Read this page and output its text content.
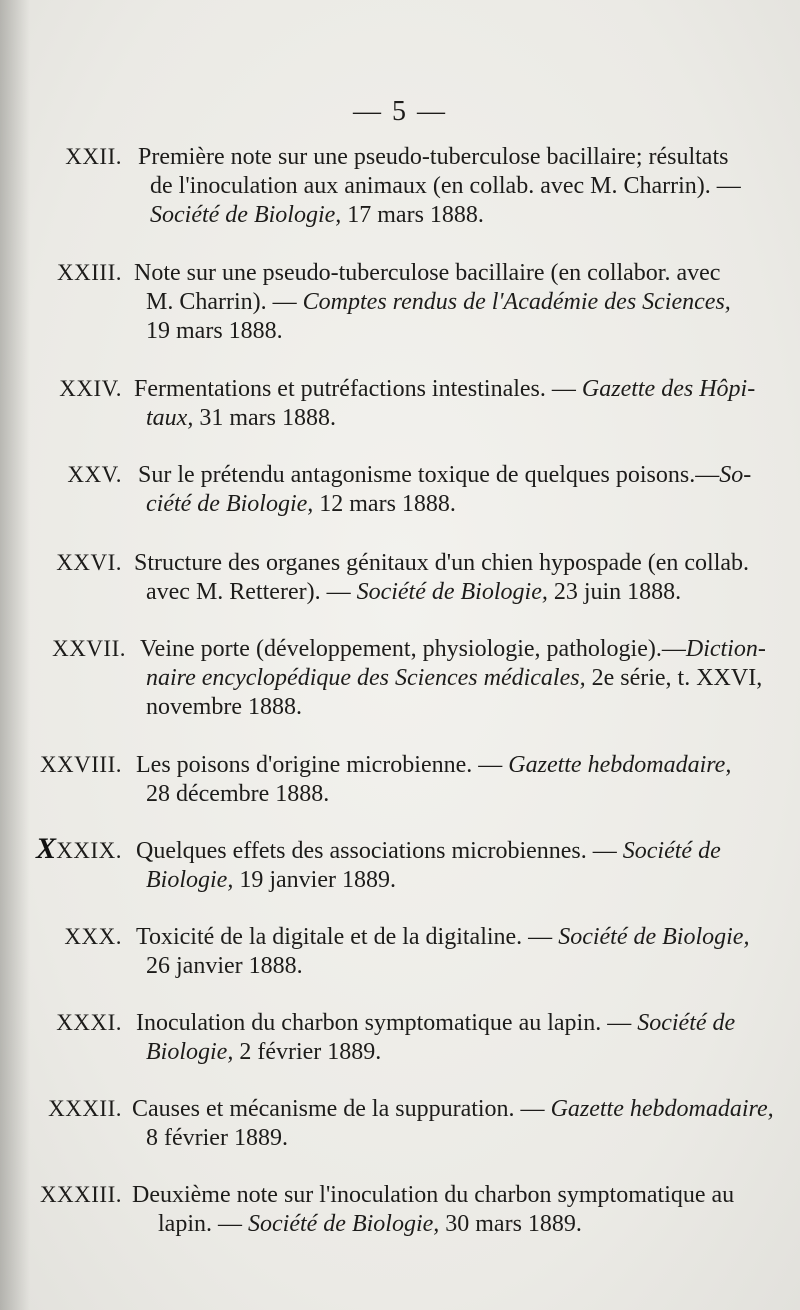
— 5 —
X
XXII. Première note sur une pseudo-tuberculose bacillaire; résultats
de l'inoculation aux animaux (en collab. avec M. Charrin). —
Société de Biologie, 17 mars 1888.
XXIII. Note sur une pseudo-tuberculose bacillaire (en collabor. avec
M. Charrin). — Comptes rendus de l'Académie des Sciences,
19 mars 1888.
XXIV. Fermentations et putréfactions intestinales. — Gazette des Hôpi-
taux, 31 mars 1888.
XXV. Sur le prétendu antagonisme toxique de quelques poisons.—So-
ciété de Biologie, 12 mars 1888.
XXVI. Structure des organes génitaux d'un chien hypospade (en collab.
avec M. Retterer). — Société de Biologie, 23 juin 1888.
XXVII. Veine porte (développement, physiologie, pathologie).—Diction-
naire encyclopédique des Sciences médicales, 2e série, t. XXVI,
novembre 1888.
XXVIII. Les poisons d'origine microbienne. — Gazette hebdomadaire,
28 décembre 1888.
XXIX. Quelques effets des associations microbiennes. — Société de
Biologie, 19 janvier 1889.
XXX. Toxicité de la digitale et de la digitaline. — Société de Biologie,
26 janvier 1888.
XXXI. Inoculation du charbon symptomatique au lapin. — Société de
Biologie, 2 février 1889.
XXXII. Causes et mécanisme de la suppuration. — Gazette hebdomadaire,
8 février 1889.
XXXIII. Deuxième note sur l'inoculation du charbon symptomatique au
lapin. — Société de Biologie, 30 mars 1889.
